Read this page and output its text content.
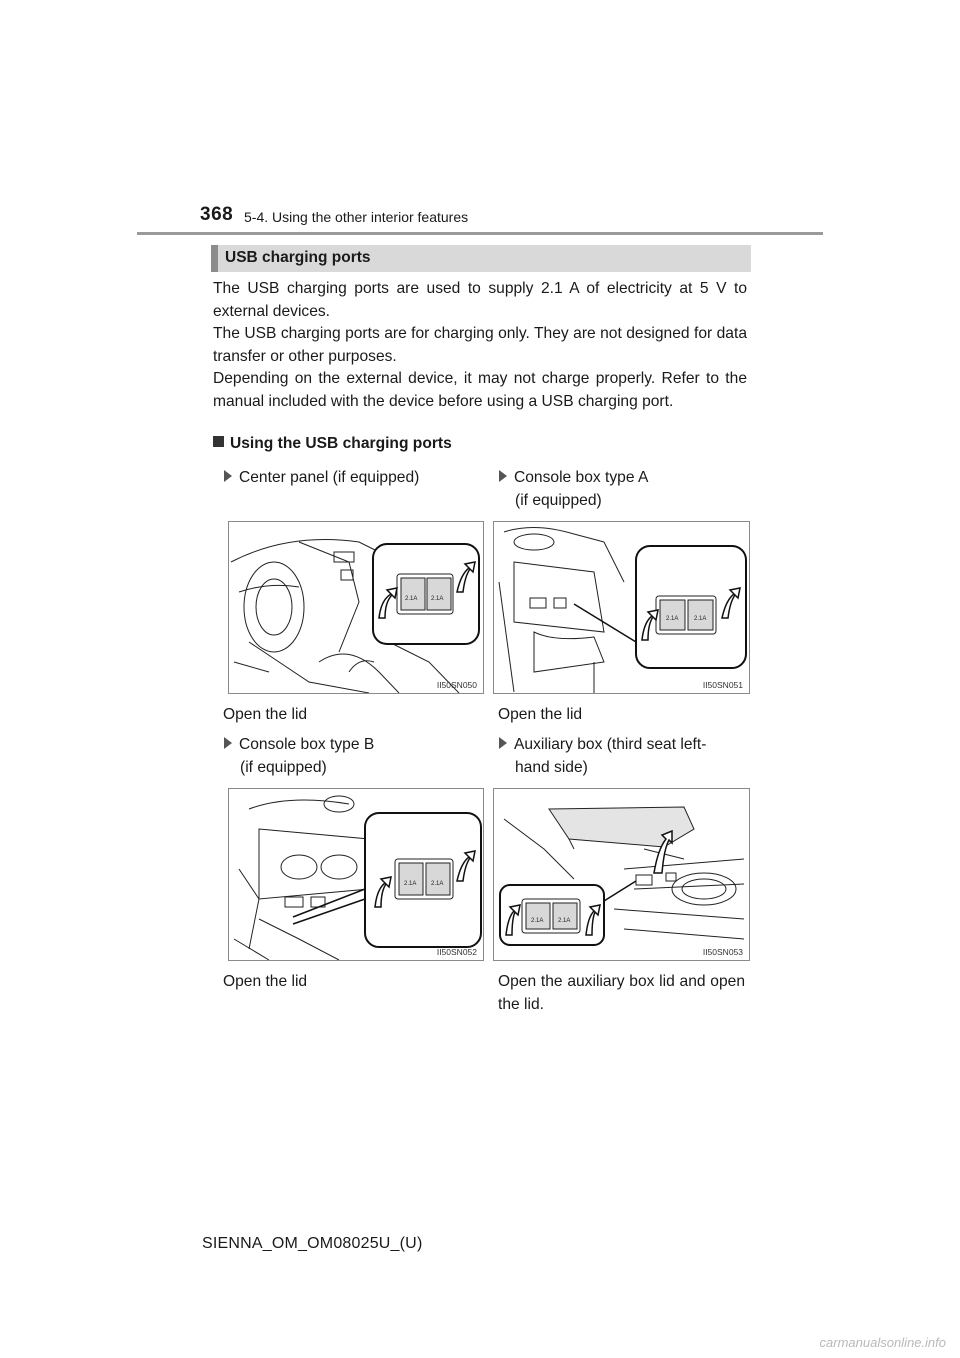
368 5-4. Using the other interior features
USB charging ports
The USB charging ports are used to supply 2.1 A of electricity at 5 V to external devices.
The USB charging ports are for charging only. They are not designed for data transfer or other purposes.
Depending on the external device, it may not charge properly. Refer to the manual included with the device before using a USB charging port.
Using the USB charging ports
Center panel (if equipped)	Console box type A
(if equipped)
2.1A 2.1A
II50SN050
2.1A	2.1A
II50SN051
Open the lid	Open the lid
Console box type B
(if equipped)
Auxiliary box (third seat left-
hand side)
2.1A 2.1A
II50SN052
2.1A 2.1A
II50SN053
Open the lid	Open the auxiliary box lid and open the lid.
SIENNA_OM_OM08025U_(U)
carmanualsonline.info
